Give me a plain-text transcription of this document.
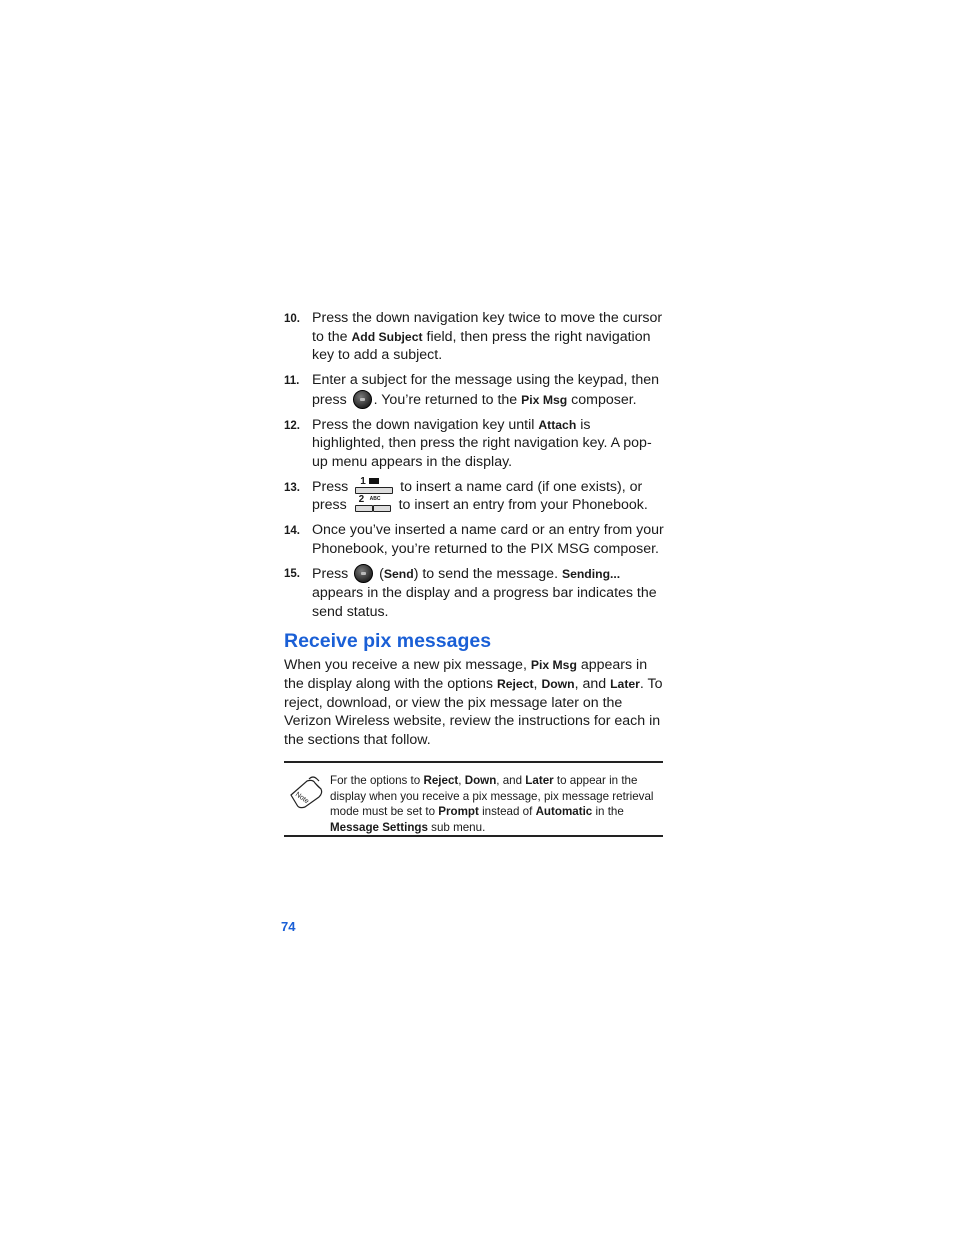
10. Press the down navigation key twice to move the cursor to the Add Subject field, then press the right navigation key to add a subject.
11. Enter a subject for the message using the keypad, then press . You’re returned to the Pix Msg composer.
12. Press the down navigation key until Attach is highlighted, then press the right navigation key. A pop-up menu appears in the display.
13. Press 1 to insert a name card (if one exists), or press 2 ABC to insert an entry from your Phonebook.
14. Once you’ve inserted a name card or an entry from your Phonebook, you’re returned to the PIX MSG composer.
15. Press  (Send) to send the message. Sending... appears in the display and a progress bar indicates the send status.
Receive pix messages

When you receive a new pix message, Pix Msg appears in the display along with the options Reject, Down, and Later. To reject, download, or view the pix message later on the Verizon Wireless website, review the instructions for each in the sections that follow.

Note

For the options to Reject, Down, and Later to appear in the display when you receive a pix message, pix message retrieval mode must be set to Prompt instead of Automatic in the Message Settings sub menu.

74
